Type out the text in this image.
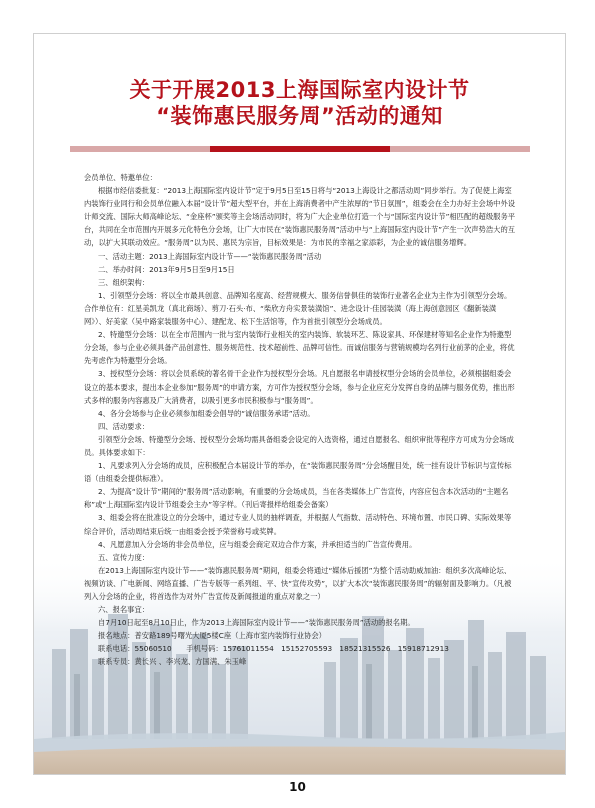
关于开展2013上海国际室内设计节
“装饰惠民服务周”活动的通知

会员单位、特邀单位：

根据市经信委批复：“2013上海国际室内设计节”定于9月5日至15日将与“2013上海设计之都活动周”同步举行。为了促使上海室内装饰行业同行和会员单位融入本届“设计节”超大型平台，并在上海消费者中产生浓厚的“节日氛围”，组委会在全力办好主会场中外设计师交流、国际大师高峰论坛、“金座杯”颁奖等主会场活动同时，将为广大企业单位打造一个与“国际室内设计节”相匹配的超级服务平台，共同在全市范围内开展多元化特色分会场，让广大市民在“装饰惠民服务周”活动中与“上海国际室内设计节”产生一次声势浩大的互动，以扩大其联动效应。“服务周”以为民、惠民为宗旨，目标效果是：为市民的幸福之家添彩，为企业的诚信服务增辉。

一、活动主题：2013上海国际室内设计节——“装饰惠民服务周”活动

二、举办时间：2013年9月5日至9月15日

三、组织架构：

1、引领型分会场：将以全市最具创意、品牌知名度高、经营规模大、服务信誉俱佳的装饰行业著名企业为主作为引领型分会场。合作单位有：红星美凯龙（真北商场）、剪刀·石头·布、“柴欣方舟实景装潢馆”、进念设计·佳园装潢（海上海创意园区《翻新装潢网》）、好美家（吴中路家装服务中心）、建配龙、松下生活馆等，作为首批引领型分会场成员。

2、特邀型分会场：以在全市范围内一批与室内装饰行业相关的室内装饰、软装环艺、陈设家具、环保建材等知名企业作为特邀型分会场，参与企业必须具备产品创意性、服务规范性、技术超前性、品牌可信性。而诚信服务与营销规模均名列行业前茅的企业，将优先考虑作为特邀型分会场。

3、授权型分会场：将以会员系统的著名骨干企业作为授权型分会场。凡自愿报名申请授权型分会场的会员单位，必须根据组委会设立的基本要求，提出本企业参加“服务周”的申请方案，方可作为授权型分会场，参与企业应充分发挥自身的品牌与服务优势，推出形式多样的服务内容惠及广大消费者，以吸引更多市民积极参与“服务周”。

4、各分会场参与企业必须参加组委会倡导的“诚信服务承诺”活动。

四、活动要求：

引领型分会场、特邀型分会场、授权型分会场均需具备组委会设定的入选资格，通过自愿报名、组织审批等程序方可成为分会场成员。具体要求如下：

1、凡要求列入分会场的成员，应积极配合本届设计节的举办，在“装饰惠民服务周”分会场醒目处，统一挂有设计节标识与宣传标语（由组委会提供标准）。

2、为提高“设计节”期间的“服务周”活动影响，有重要的分会场成员，当在各类媒体上广告宣传，内容应包含本次活动的“主题名称”或“上海国际室内设计节组委会主办”等字样。（刊后寄报样给组委会备案）

3、组委会将在批准设立的分会场中，通过专业人员的抽样调查，并根据人气指数、活动特色、环境布置、市民口碑、实际效果等综合评价，活动周结束后统一由组委会授予荣誉称号或奖牌。

4、凡愿意加入分会场的非会员单位，应与组委会商定双边合作方案，并承担适当的广告宣传费用。

五、宣传力度：

在2013上海国际室内设计节——“装饰惠民服务周”期间，组委会将通过“媒体后援团”为整个活动助威加油：组织多次高峰论坛、视频访谈、广电新闻、网络直播、广告专版等一系列组、平、快“宣传攻势”，以扩大本次“装饰惠民服务周”的辐射面及影响力。（凡被列入分会场的企业，将首选作为对外广告宣传及新闻报道的重点对象之一）

六、报名事宜：

自7月10日起至8月10日止，作为2013上海国际室内设计节——“装饰惠民服务周”活动的报名期。

报名地点：普安路189号曙光大厦5楼C座（上海市室内装饰行业协会）

联系电话：55060510　　手机号码：15761011554　15152705593　18521315526　15918712913

联系专员：黄长兴 、李兴龙、方国满、朱玉峰

10
